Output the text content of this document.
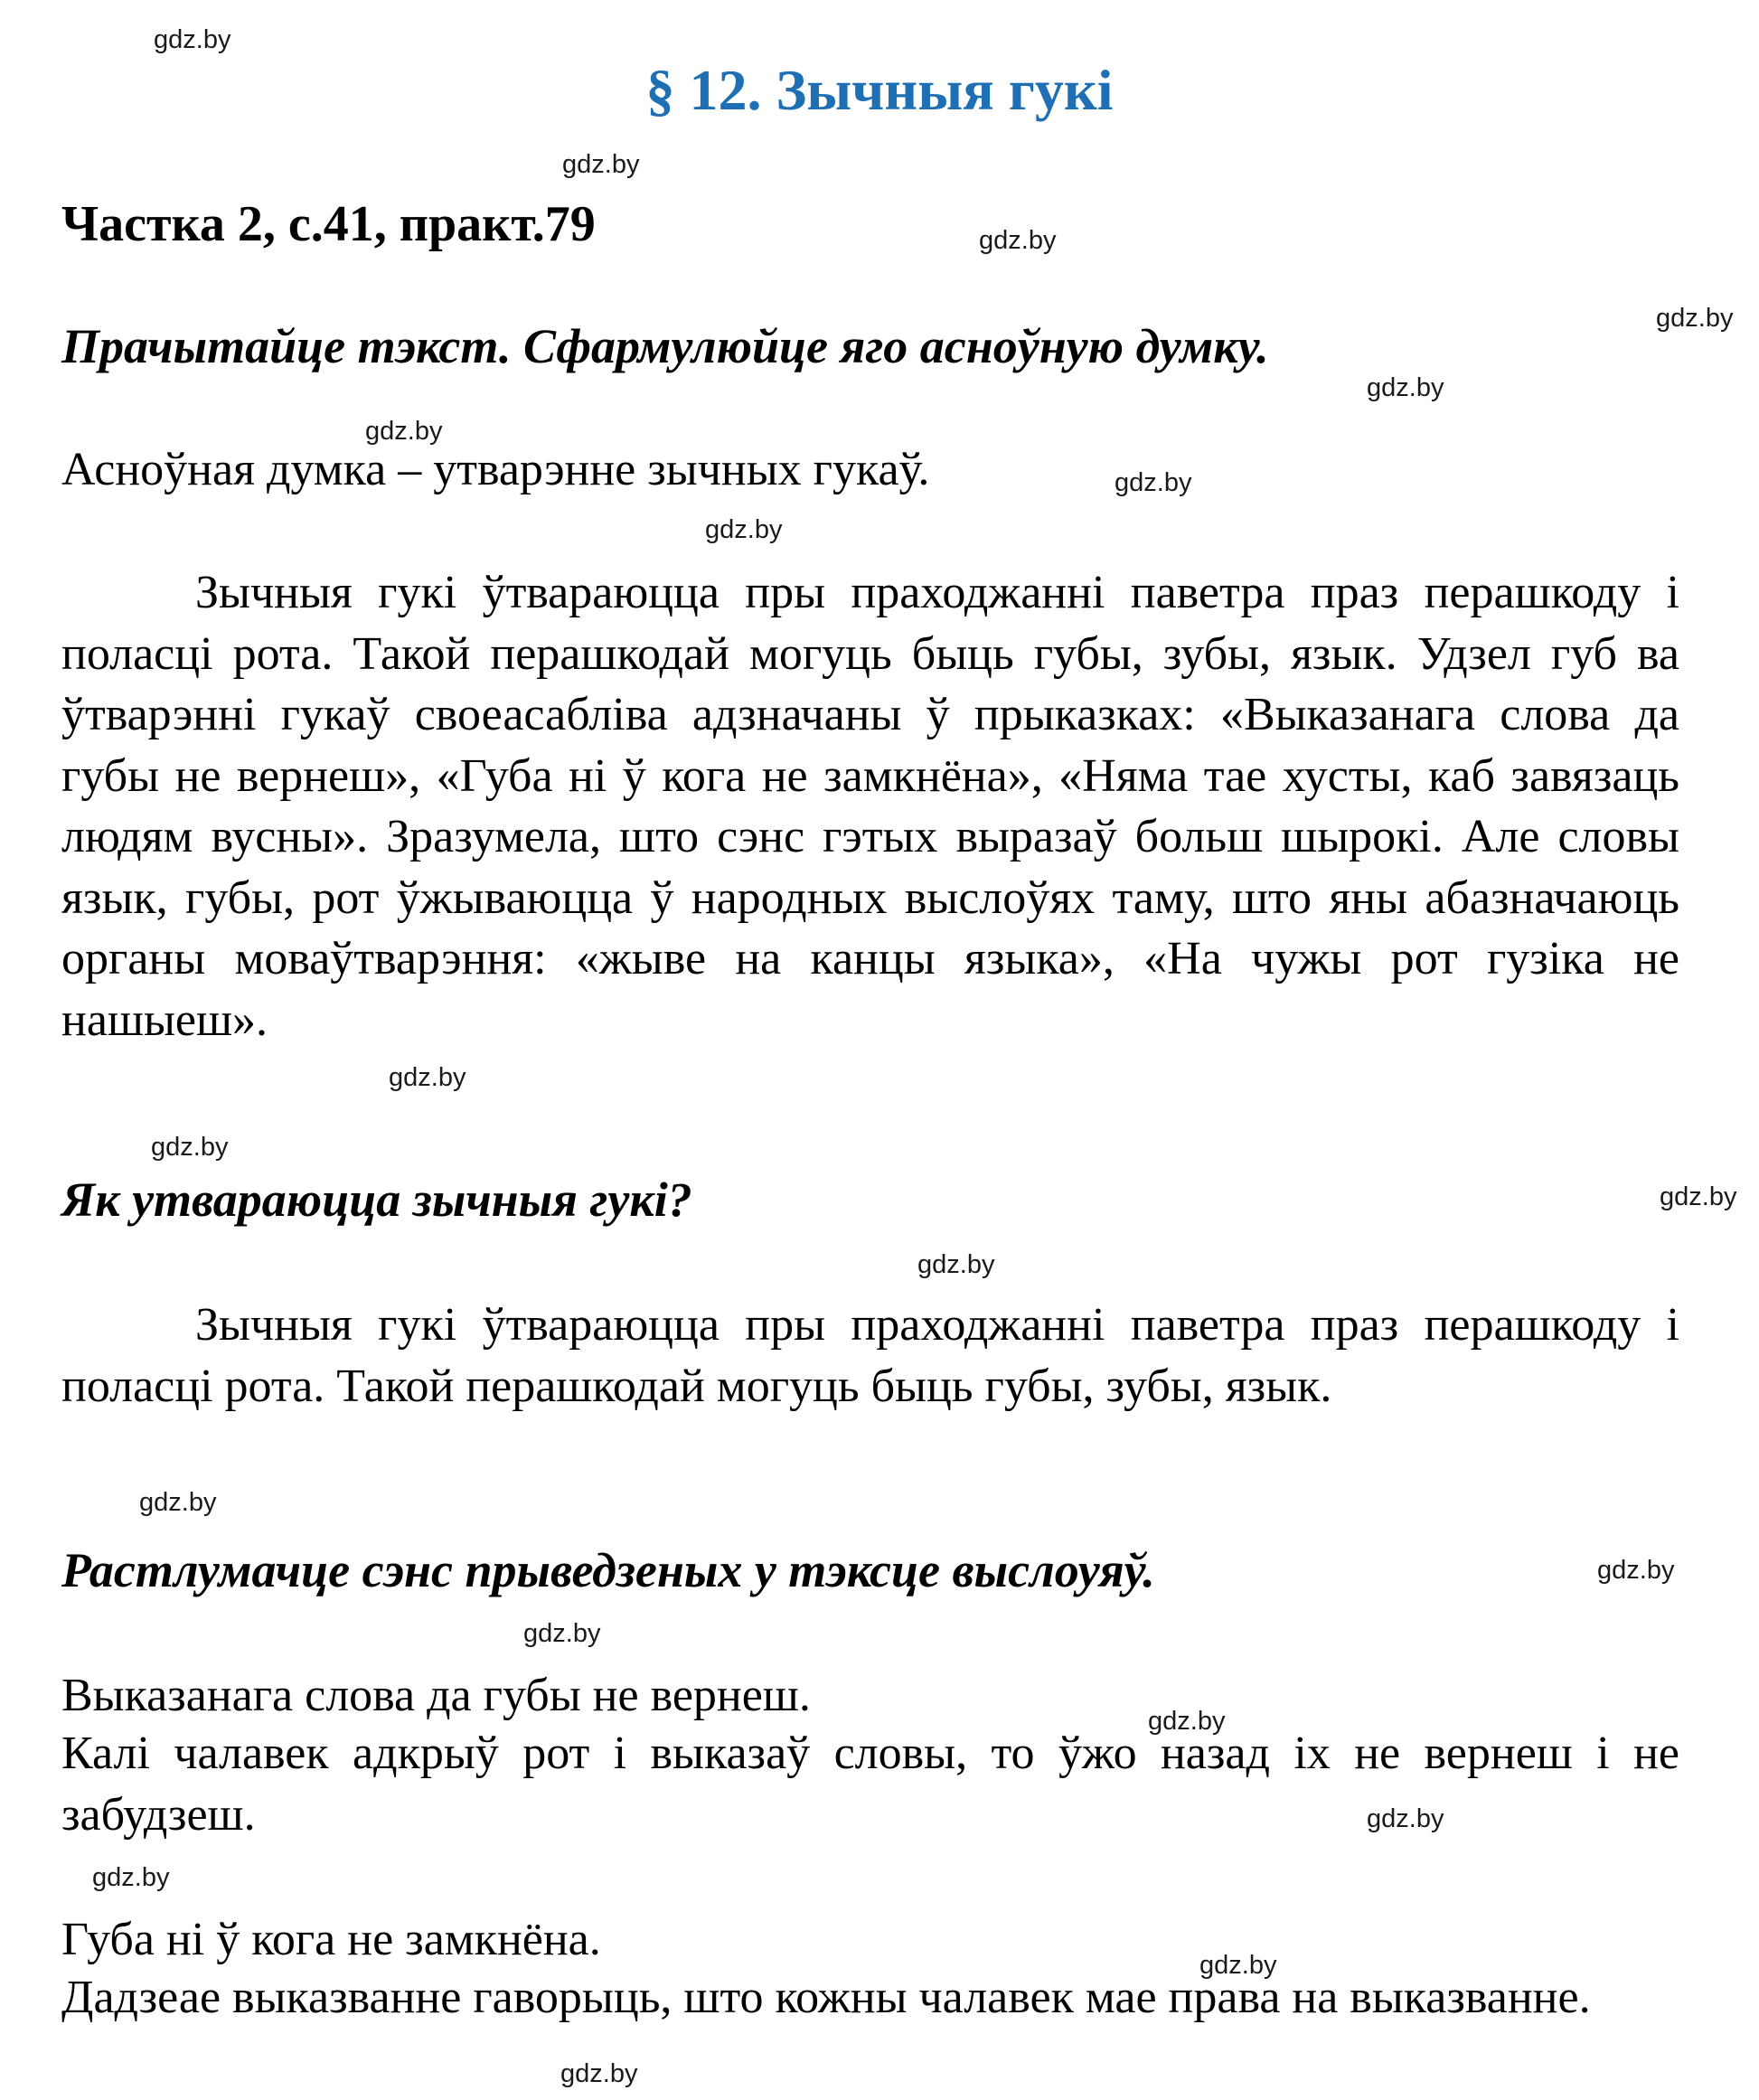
gdz.by
gdz.by
gdz.by
gdz.by
gdz.by
gdz.by
gdz.by
gdz.by
gdz.by
gdz.by
gdz.by
gdz.by
gdz.by
gdz.by
gdz.by
gdz.by
gdz.by
gdz.by
gdz.by
gdz.by
§ 12. Зычныя гукі
Частка 2, с.41, практ.79
Прачытайце тэкст. Сфармулюйце яго асноўную думку.
Асноўная думка – утварэнне зычных гукаў.

Зычныя гукі ўтвараюцца пры праходжанні паветра праз перашкоду і поласці рота. Такой перашкодай могуць быць губы, зубы, язык. Удзел губ ва ўтварэнні гукаў своеасабліва адзначаны ў прыказках: «Выказанага слова да губы не вернеш», «Губа ні ў кога не замкнёна», «Няма тае хусты, каб завязаць людям вусны». Зразумела, што сэнс гэтых выразаў больш шырокі. Але словы язык, губы, рот ўжываюцца ў народных выслоўях таму, што яны абазначаюць органы моваўтварэння: «жыве на канцы языка», «На чужы рот гузіка не нашыеш».

Як утвараюцца зычныя гукі?

Зычныя гукі ўтвараюцца пры праходжанні паветра праз перашкоду і поласці рота. Такой перашкодай могуць быць губы, зубы, язык.

Растлумачце сэнс прыведзеных у тэксце выслоуяў.
Выказанага слова да губы не вернеш.

Калі чалавек адкрыў рот і выказаў словы, то ўжо назад іх не вернеш і не забудзеш.

Губа ні ў кога не замкнёна.

Дадзеае выказванне гаворыць, што кожны чалавек мае права на выказванне.
